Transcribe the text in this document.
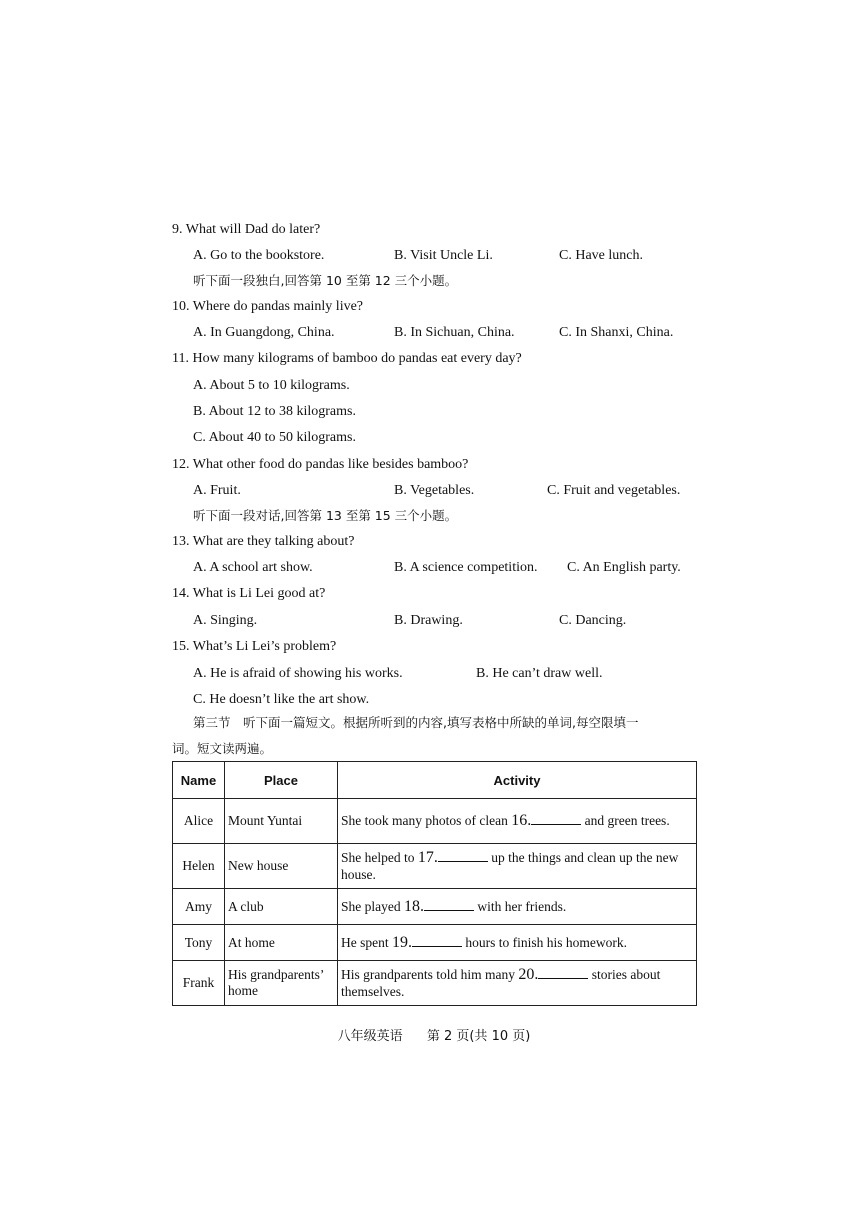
9. What will Dad do later?
A. Go to the bookstore.	B. Visit Uncle Li.	C. Have lunch.
听下面一段独白,回答第 10 至第 12 三个小题。
10. Where do pandas mainly live?
A. In Guangdong, China.	B. In Sichuan, China.	C. In Shanxi, China.
11. How many kilograms of bamboo do pandas eat every day?
A. About 5 to 10 kilograms.
B. About 12 to 38 kilograms.
C. About 40 to 50 kilograms.
12. What other food do pandas like besides bamboo?
A. Fruit.	B. Vegetables.	C. Fruit and vegetables.
听下面一段对话,回答第 13 至第 15 三个小题。
13. What are they talking about?
A. A school art show.	B. A science competition. C. An English party.
14. What is Li Lei good at?
A. Singing.	B. Drawing.	C. Dancing.
15. What’s Li Lei’s problem?
A. He is afraid of showing his works.	B. He can’t draw well.
C. He doesn’t like the art show.
第三节　听下面一篇短文。根据所听到的内容,填写表格中所缺的单词,每空限填一
词。短文读两遍。
Name	Place	Activity
Alice	Mount Yuntai	She took many photos of clean 16. and green trees.
Helen	New house	She helped to 17. up the things and clean up the new house.
Amy	A club	She played 18. with her friends.
Tony	At home	He spent 19. hours to finish his homework.
Frank	His grandparents’ home	His grandparents told him many 20. stories about themselves.
八年级英语 第 2 页(共 10 页)
